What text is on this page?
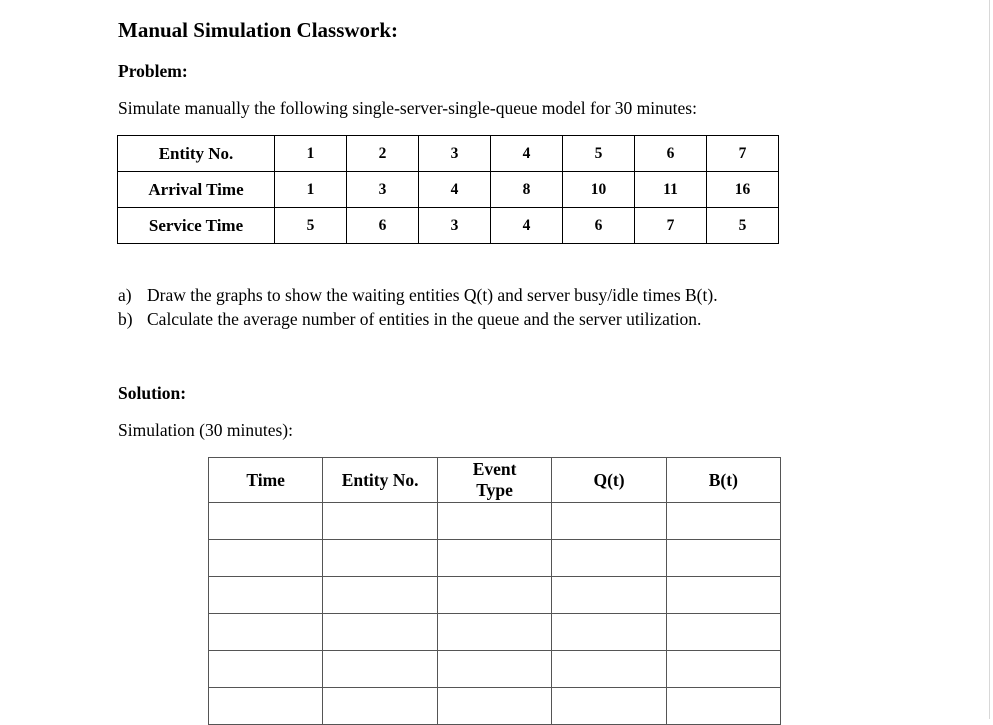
Manual Simulation Classwork:
Problem:
Simulate manually the following single-server-single-queue model for 30 minutes:
Entity No.	1	2	3	4	5	6	7
Arrival Time	1	3	4	8	10	11	16
Service Time	5	6	3	4	6	7	5
a) Draw the graphs to show the waiting entities Q(t) and server busy/idle times B(t).
b) Calculate the average number of entities in the queue and the server utilization.
Solution:
Simulation (30 minutes):
Time	Entity No.	Event Type	Q(t)	B(t)
